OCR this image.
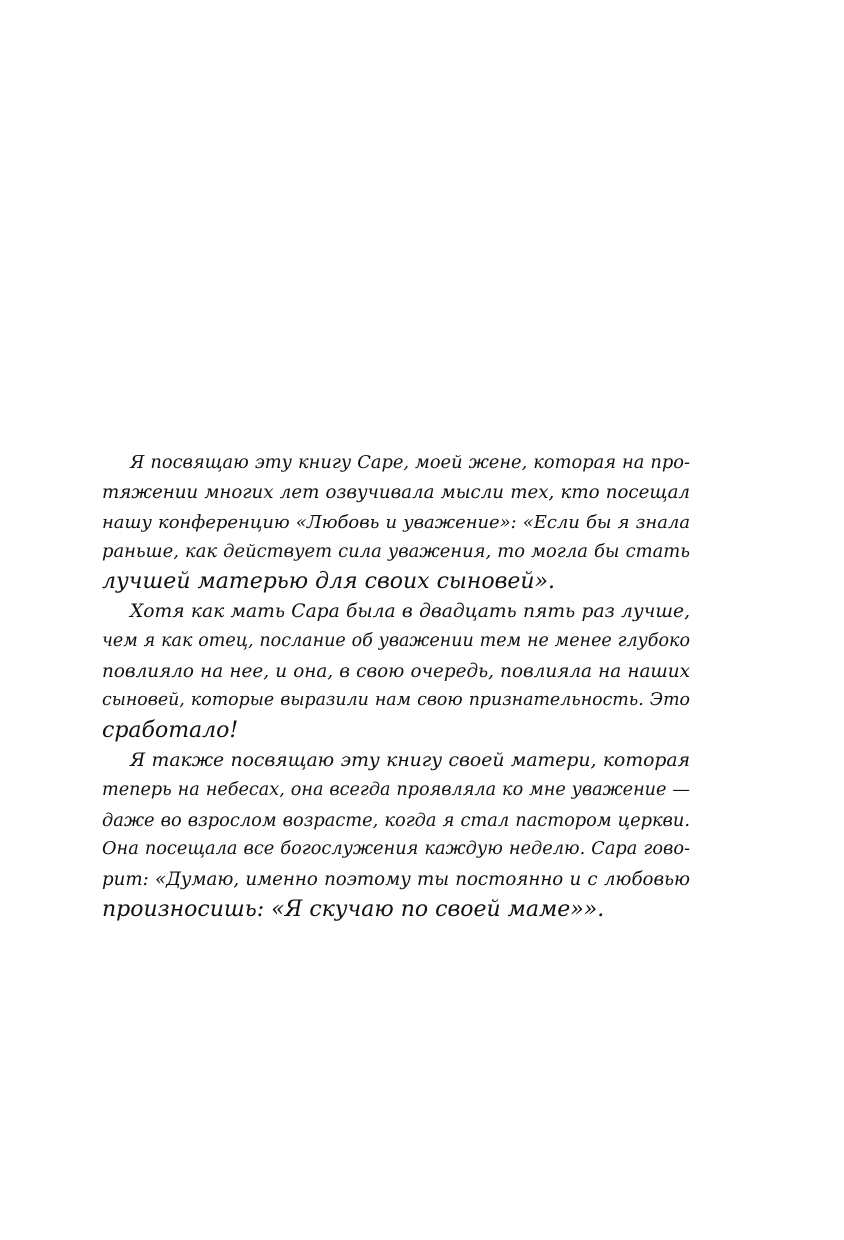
Я посвящаю эту книгу Саре, моей жене, которая на про-
тяжении многих лет озвучивала мысли тех, кто посещал
нашу конференцию «Любовь и уважение»: «Если бы я знала
раньше, как действует сила уважения, то могла бы стать
лучшей матерью для своих сыновей».
Хотя как мать Сара была в двадцать пять раз лучше,
чем я как отец, послание об уважении тем не менее глубоко
повлияло на нее, и она, в свою очередь, повлияла на наших
сыновей, которые выразили нам свою признательность. Это
сработало!
Я также посвящаю эту книгу своей матери, которая
теперь на небесах, она всегда проявляла ко мне уважение —
даже во взрослом возрасте, когда я стал пастором церкви.
Она посещала все богослужения каждую неделю. Сара гово-
рит: «Думаю, именно поэтому ты постоянно и с любовью
произносишь: «Я скучаю по своей маме»».
